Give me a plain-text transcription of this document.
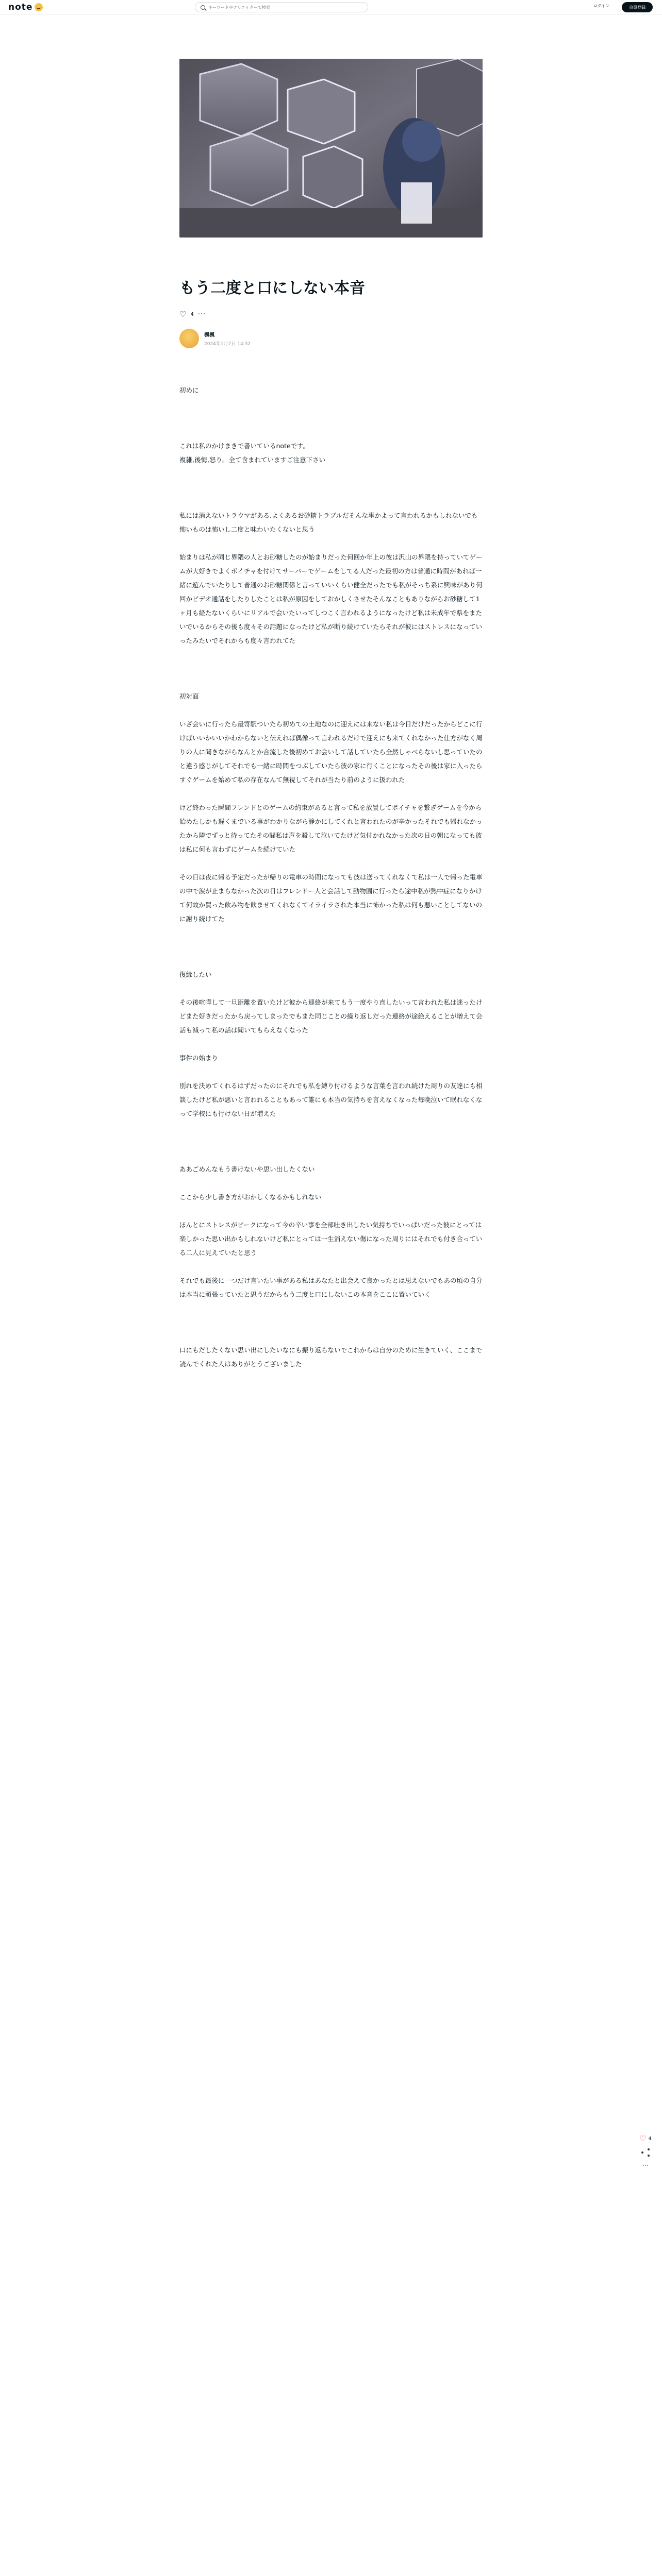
note
キーワードやクリエイターで検索	ログイン	会員登録
もう二度と口にしない本音
♡ 4 ···
楓楓
2024年1月7日 14:32

初めに

これは私のかけまきで書いているnoteです。
複雑,後悔,怒り。全て含まれていますご注意下さい

私には消えないトラウマがある.よくあるお砂糖トラブルだそんな事かよって言われるかもしれないでも怖いものは怖いし二度と味わいたくないと思う

始まりは私が同じ界隈の人とお砂糖したのが始まりだった何回か年上の彼は沢山の界隈を持っていてゲームが大好きでよくボイチャを付けてサーバーでゲームをしてる人だった最初の方は普通に時間があれば一緒に遊んでいたりして普通のお砂糖関係と言っていいくらい健全だったでも私がそっち系に興味があり何回かビデオ通話をしたりしたことは私が原因をしておかしくさせたそんなこともありながらお砂糖して1ヶ月も経たないくらいにリアルで会いたいってしつこく言われるようになったけど私は未成年で県をまたいでいるからその後も度々その話題になったけど私が断り続けていたらそれが彼にはストレスになっていったみたいでそれからも度々言われてた

初対面

いざ会いに行ったら最寄駅ついたら初めての土地なのに迎えには来ない私は今日だけだったからどこに行けばいいかいいかわからないと伝えれば偶像って言われるだけで迎えにも来てくれなかった仕方がなく周りの人に聞きながらなんとか合流した後初めてお会いして話していたら全然しゃべらないし思っていたのと違う感じがしてそれでも一緒に時間をつぶしていたら彼の家に行くことになったその後は家に入ったらすぐゲームを始めて私の存在なんて無視してそれが当たり前のように扱われた

けど終わった瞬間フレンドとのゲームの約束があると言って私を放置してボイチャを繋ぎゲームを今から始めたしかも遅くまでいる事がわかりながら静かにしてくれと言われたのが辛かったそれでも帰れなかったから隣でずっと待ってたその間私は声を殺して泣いてたけど気付かれなかった次の日の朝になっても彼は私に何も言わずにゲームを続けていた

その日は夜に帰る予定だったが帰りの電車の時間になっても彼は送ってくれなくて私は一人で帰った電車の中で涙が止まらなかった次の日はフレンドー人と会話して動物園に行ったら途中私が熱中症になりかけて何故か買った飲み物を飲ませてくれなくてイライラされた本当に怖かった私は何も悪いことしてないのに謝り続けてた

復縁したい

その後喧嘩して一旦距離を置いたけど彼から連絡が来てもう一度やり直したいって言われた私は迷ったけどまた好きだったから戻ってしまったでもまた同じことの繰り返しだった連絡が途絶えることが増えて会話も減って私の話は聞いてもらえなくなった

事件の始まり

別れを決めてくれるはずだったのにそれでも私を縛り付けるような言葉を言われ続けた周りの友達にも相談したけど私が悪いと言われることもあって誰にも本当の気持ちを言えなくなった毎晩泣いて眠れなくなって学校にも行けない日が増えた

ああごめんなもう書けないや思い出したくない

ここから少し書き方がおかしくなるかもしれない

ほんとにストレスがピークになって今の辛い事を全部吐き出したい気持ちでいっぱいだった彼にとっては楽しかった思い出かもしれないけど私にとっては一生消えない傷になった周りにはそれでも付き合っている二人に見えていたと思う

それでも最後に一つだけ言いたい事がある私はあなたと出会えて良かったとは思えないでもあの頃の自分は本当に頑張っていたと思うだからもう二度と口にしないこの本音をここに置いていく

口にもだしたくない思い出にしたいなにも振り返らないでこれからは自分のために生きていく、ここまで読んでくれた人はありがとうございました

♡ 4
···
